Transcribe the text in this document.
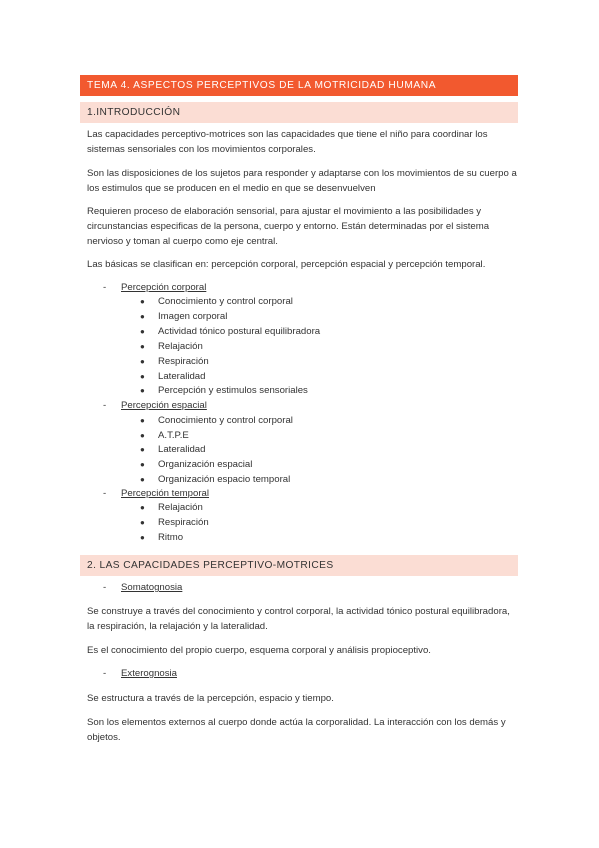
TEMA 4. ASPECTOS PERCEPTIVOS DE LA MOTRICIDAD HUMANA
1.INTRODUCCIÓN

Las capacidades perceptivo-motrices son las capacidades que tiene el niño para coordinar los sistemas sensoriales con los movimientos corporales.

Son las disposiciones de los sujetos para responder y adaptarse con los movimientos de su cuerpo a los estimulos que se producen en el medio en que se desenvuelven

Requieren proceso de elaboración sensorial, para ajustar el movimiento a las posibilidades y circunstancias especificas de la persona, cuerpo y entorno. Están determinadas por el sistema nervioso y toman al cuerpo como eje central.

Las básicas se clasifican en: percepción corporal, percepción espacial y percepción temporal.

- Percepción corporal
● Conocimiento y control corporal
● Imagen corporal
● Actividad tónico postural equilibradora
● Relajación
● Respiración
● Lateralidad
● Percepción y estimulos sensoriales
- Percepción espacial
● Conocimiento y control corporal
● A.T.P.E
● Lateralidad
● Organización espacial
● Organización espacio temporal
- Percepción temporal
● Relajación
● Respiración
● Ritmo
2. LAS CAPACIDADES PERCEPTIVO-MOTRICES
- Somatognosia

Se construye a través del conocimiento y control corporal, la actividad tónico postural equilibradora, la respiración, la relajación y la lateralidad.

Es el conocimiento del propio cuerpo, esquema corporal y análisis propioceptivo.

- Exterognosia

Se estructura a través de la percepción, espacio y tiempo.

Son los elementos externos al cuerpo donde actúa la corporalidad. La interacción con los demás y objetos.
